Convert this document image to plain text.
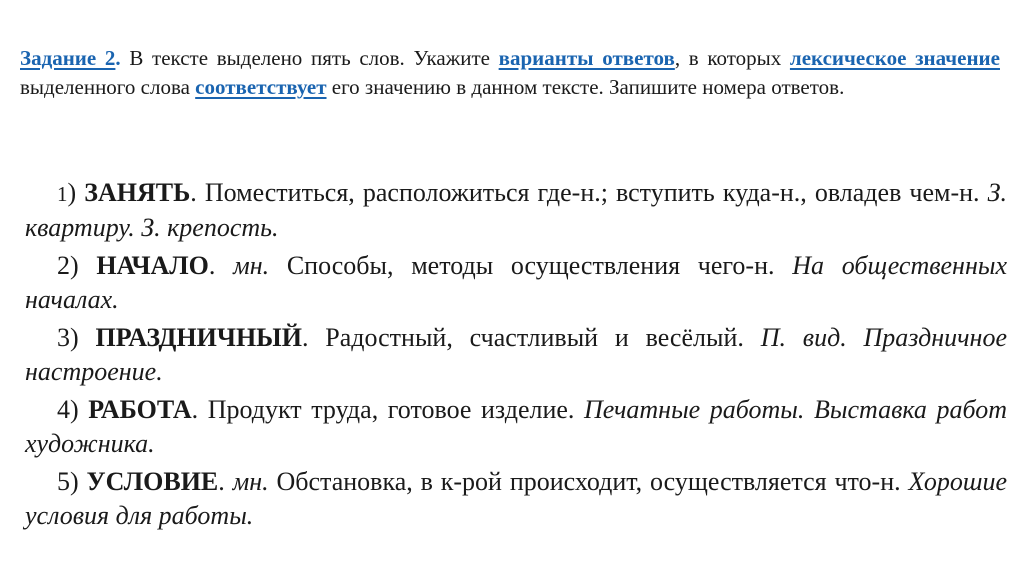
Задание 2. В тексте выделено пять слов. Укажите варианты ответов, в которых лексическое значение выделенного слова соответствует его значению в данном тексте. Запишите номера ответов.

1) ЗАНЯТЬ. Поместиться, расположиться где-н.; вступить куда-н., овладев чем-н. З. квартиру. З. крепость.

2) НАЧАЛО. мн. Способы, методы осуществления чего-н. На общественных началах.

3) ПРАЗДНИЧНЫЙ. Радостный, счастливый и весёлый. П. вид. Праздничное настроение.

4) РАБОТА. Продукт труда, готовое изделие. Печатные работы. Выставка работ художника.

5) УСЛОВИЕ. мн. Обстановка, в к-рой происходит, осуществляется что-н. Хорошие условия для работы.
